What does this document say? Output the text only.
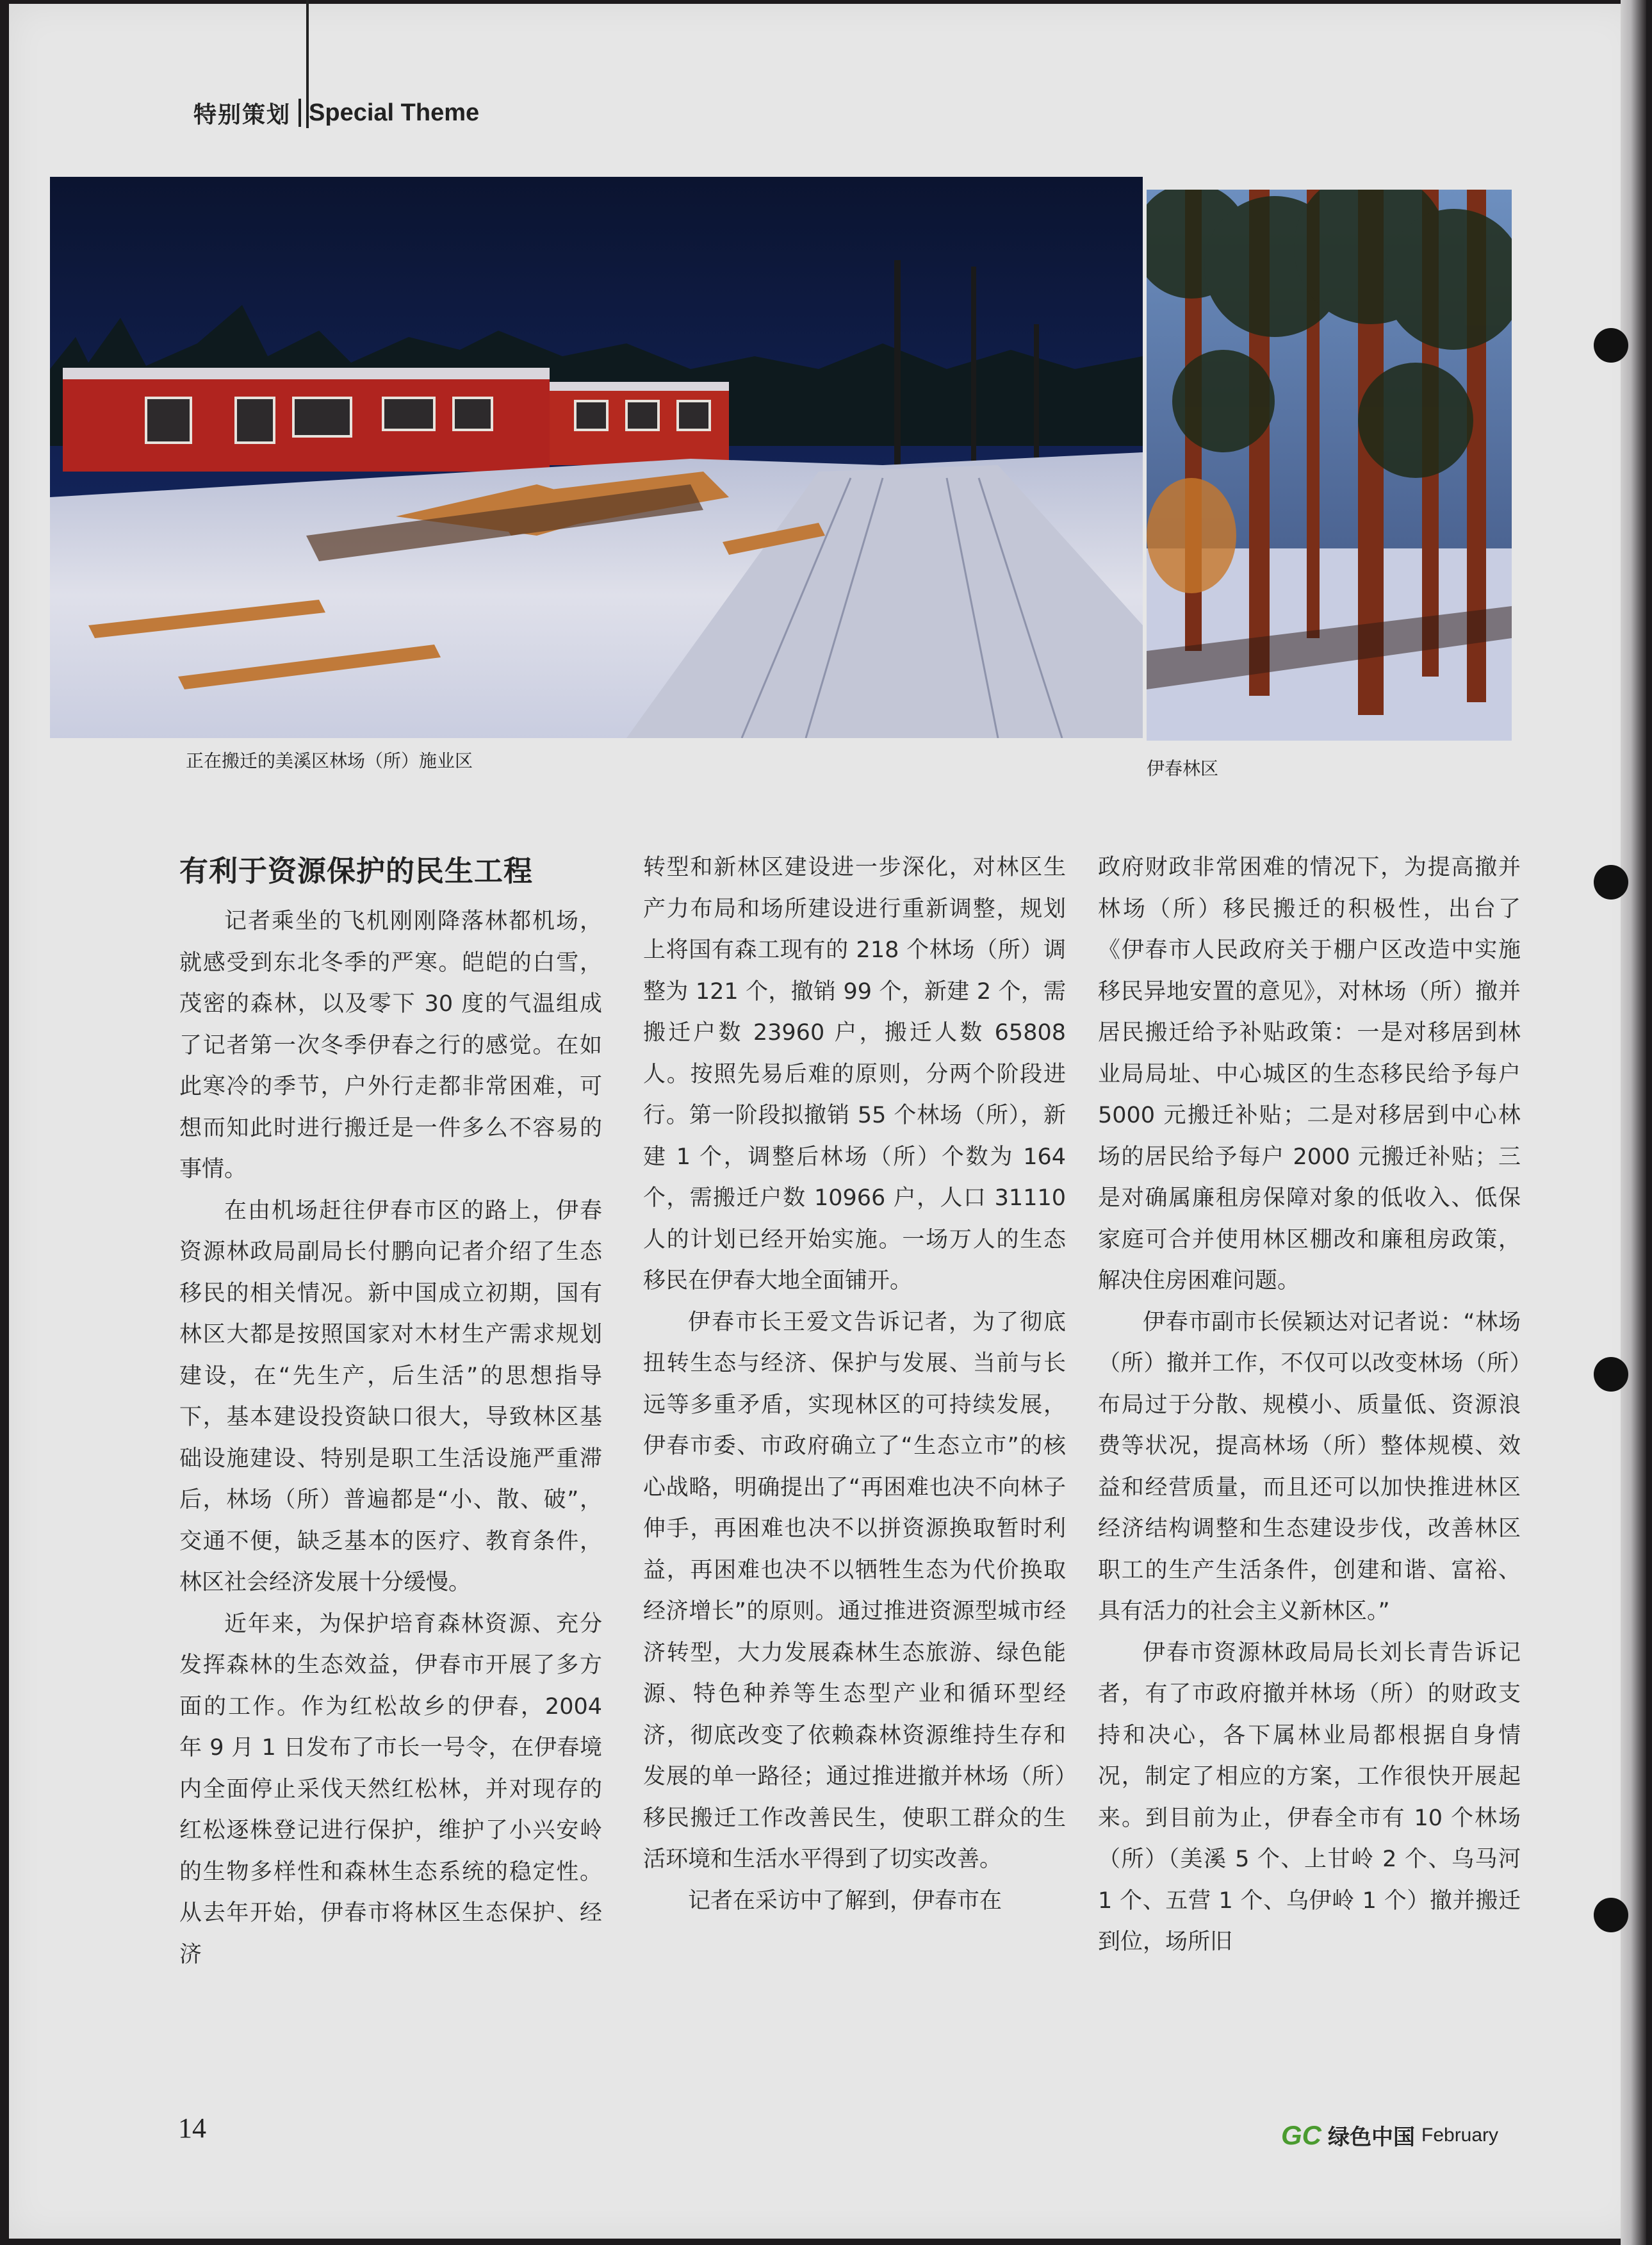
特别策划 Special Theme
正在搬迁的美溪区林场（所）施业区	伊春林区

有利于资源保护的民生工程

记者乘坐的飞机刚刚降落林都机场，就感受到东北冬季的严寒。皑皑的白雪，茂密的森林，以及零下 30 度的气温组成了记者第一次冬季伊春之行的感觉。在如此寒冷的季节，户外行走都非常困难，可想而知此时进行搬迁是一件多么不容易的事情。

在由机场赶往伊春市区的路上，伊春资源林政局副局长付鹏向记者介绍了生态移民的相关情况。新中国成立初期，国有林区大都是按照国家对木材生产需求规划建设，在“先生产，后生活”的思想指导下，基本建设投资缺口很大，导致林区基础设施建设、特别是职工生活设施严重滞后，林场（所）普遍都是“小、散、破”，交通不便，缺乏基本的医疗、教育条件，林区社会经济发展十分缓慢。

近年来，为保护培育森林资源、充分发挥森林的生态效益，伊春市开展了多方面的工作。作为红松故乡的伊春，2004 年 9 月 1 日发布了市长一号令，在伊春境内全面停止采伐天然红松林，并对现存的红松逐株登记进行保护，维护了小兴安岭的生物多样性和森林生态系统的稳定性。从去年开始，伊春市将林区生态保护、经济

转型和新林区建设进一步深化，对林区生产力布局和场所建设进行重新调整，规划上将国有森工现有的 218 个林场（所）调整为 121 个，撤销 99 个，新建 2 个，需搬迁户数 23960 户，搬迁人数 65808 人。按照先易后难的原则，分两个阶段进行。第一阶段拟撤销 55 个林场（所），新建 1 个，调整后林场（所）个数为 164 个，需搬迁户数 10966 户，人口 31110 人的计划已经开始实施。一场万人的生态移民在伊春大地全面铺开。

伊春市长王爱文告诉记者，为了彻底扭转生态与经济、保护与发展、当前与长远等多重矛盾，实现林区的可持续发展，伊春市委、市政府确立了“生态立市”的核心战略，明确提出了“再困难也决不向林子伸手，再困难也决不以拼资源换取暂时利益，再困难也决不以牺牲生态为代价换取经济增长”的原则。通过推进资源型城市经济转型，大力发展森林生态旅游、绿色能源、特色种养等生态型产业和循环型经济，彻底改变了依赖森林资源维持生存和发展的单一路径；通过推进撤并林场（所）移民搬迁工作改善民生，使职工群众的生活环境和生活水平得到了切实改善。

记者在采访中了解到，伊春市在

政府财政非常困难的情况下，为提高撤并林场（所）移民搬迁的积极性，出台了《伊春市人民政府关于棚户区改造中实施移民异地安置的意见》，对林场（所）撤并居民搬迁给予补贴政策：一是对移居到林业局局址、中心城区的生态移民给予每户 5000 元搬迁补贴；二是对移居到中心林场的居民给予每户 2000 元搬迁补贴；三是对确属廉租房保障对象的低收入、低保家庭可合并使用林区棚改和廉租房政策，解决住房困难问题。

伊春市副市长侯颖达对记者说：“林场（所）撤并工作，不仅可以改变林场（所）布局过于分散、规模小、质量低、资源浪费等状况，提高林场（所）整体规模、效益和经营质量，而且还可以加快推进林区经济结构调整和生态建设步伐，改善林区职工的生产生活条件，创建和谐、富裕、具有活力的社会主义新林区。”

伊春市资源林政局局长刘长青告诉记者，有了市政府撤并林场（所）的财政支持和决心，各下属林业局都根据自身情况，制定了相应的方案，工作很快开展起来。到目前为止，伊春全市有 10 个林场（所）（美溪 5 个、上甘岭 2 个、乌马河 1 个、五营 1 个、乌伊岭 1 个）撤并搬迁到位，场所旧

14	GC 绿色中国 February
